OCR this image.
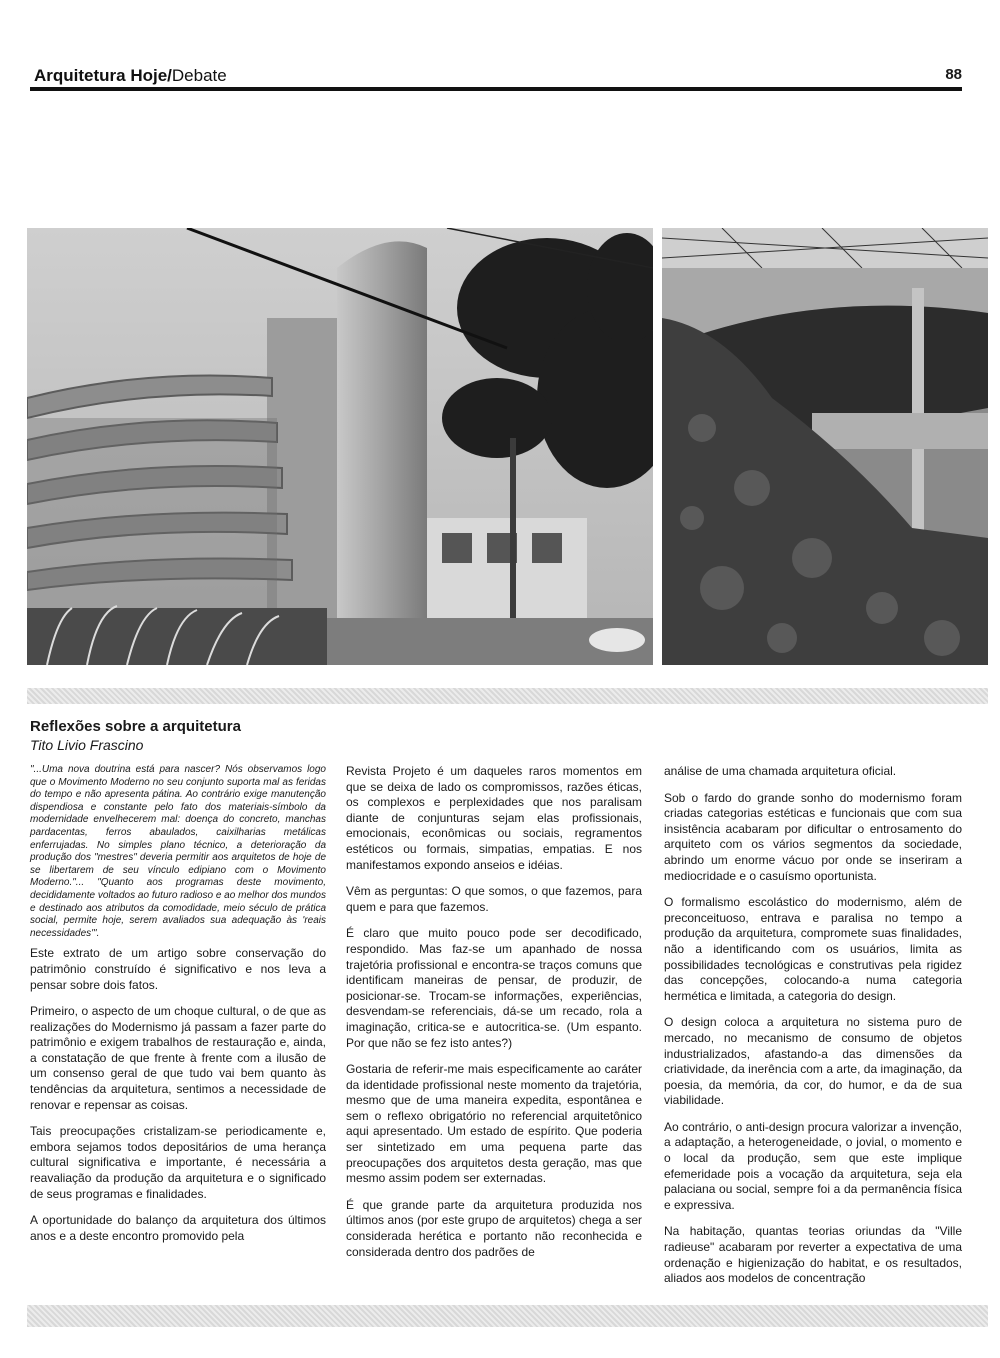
Arquitetura Hoje/Debate	88
Reflexões sobre a arquitetura
Tito Livio Frascino

"...Uma nova doutrina está para nascer? Nós observamos logo que o Movimento Moderno no seu conjunto suporta mal as feridas do tempo e não apresenta pátina. Ao contrário exige manutenção dispendiosa e constante pelo fato dos materiais-símbolo da modernidade envelhecerem mal: doença do concreto, manchas pardacentas, ferros abaulados, caixilharias metálicas enferrujadas. No simples plano técnico, a deterioração da produção dos "mestres" deveria permitir aos arquitetos de hoje de se libertarem de seu vínculo edipiano com o Movimento Moderno."... "Quanto aos programas deste movimento, decididamente voltados ao futuro radioso e ao melhor dos mundos e destinado aos atributos da comodidade, meio século de prática social, permite hoje, serem avaliados sua adequação às 'reais necessidades'".

Este extrato de um artigo sobre conservação do patrimônio construído é significativo e nos leva a pensar sobre dois fatos.

Primeiro, o aspecto de um choque cultural, o de que as realizações do Modernismo já passam a fazer parte do patrimônio e exigem trabalhos de restauração e, ainda, a constatação de que frente à frente com a ilusão de um consenso geral de que tudo vai bem quanto às tendências da arquitetura, sentimos a necessidade de renovar e repensar as coisas.

Tais preocupações cristalizam-se periodicamente e, embora sejamos todos depositários de uma herança cultural significativa e importante, é necessária a reavaliação da produção da arquitetura e o significado de seus programas e finalidades.

A oportunidade do balanço da arquitetura dos últimos anos e a deste encontro promovido pela

Revista Projeto é um daqueles raros momentos em que se deixa de lado os compromissos, razões éticas, os complexos e perplexidades que nos paralisam diante de conjunturas sejam elas profissionais, emocionais, econômicas ou sociais, regramentos estéticos ou formais, simpatias, empatias. E nos manifestamos expondo anseios e idéias.

Vêm as perguntas: O que somos, o que fazemos, para quem e para que fazemos.

É claro que muito pouco pode ser decodificado, respondido. Mas faz-se um apanhado de nossa trajetória profissional e encontra-se traços comuns que identificam maneiras de pensar, de produzir, de posicionar-se. Trocam-se informações, experiências, desvendam-se referenciais, dá-se um recado, rola a imaginação, critica-se e autocritica-se. (Um espanto. Por que não se fez isto antes?)

Gostaria de referir-me mais especificamente ao caráter da identidade profissional neste momento da trajetória, mesmo que de uma maneira expedita, espontânea e sem o reflexo obrigatório no referencial arquitetônico aqui apresentado. Um estado de espírito. Que poderia ser sintetizado em uma pequena parte das preocupações dos arquitetos desta geração, mas que mesmo assim podem ser externadas.

É que grande parte da arquitetura produzida nos últimos anos (por este grupo de arquitetos) chega a ser considerada herética e portanto não reconhecida e considerada dentro dos padrões de

análise de uma chamada arquitetura oficial.

Sob o fardo do grande sonho do modernismo foram criadas categorias estéticas e funcionais que com sua insistência acabaram por dificultar o entrosamento do arquiteto com os vários segmentos da sociedade, abrindo um enorme vácuo por onde se inseriram a mediocridade e o casuísmo oportunista.

O formalismo escolástico do modernismo, além de preconceituoso, entrava e paralisa no tempo a produção da arquitetura, compromete suas finalidades, não a identificando com os usuários, limita as possibilidades tecnológicas e construtivas pela rigidez das concepções, colocando-a numa categoria hermética e limitada, a categoria do design.

O design coloca a arquitetura no sistema puro de mercado, no mecanismo de consumo de objetos industrializados, afastando-a das dimensões da criatividade, da inerência com a arte, da imaginação, da poesia, da memória, da cor, do humor, e da de sua viabilidade.

Ao contrário, o anti-design procura valorizar a invenção, a adaptação, a heterogeneidade, o jovial, o momento e o local da produção, sem que este implique efemeridade pois a vocação da arquitetura, seja ela palaciana ou social, sempre foi a da permanência física e expressiva.

Na habitação, quantas teorias oriundas da "Ville radieuse" acabaram por reverter a expectativa de uma ordenação e higienização do habitat, e os resultados, aliados aos modelos de concentração
